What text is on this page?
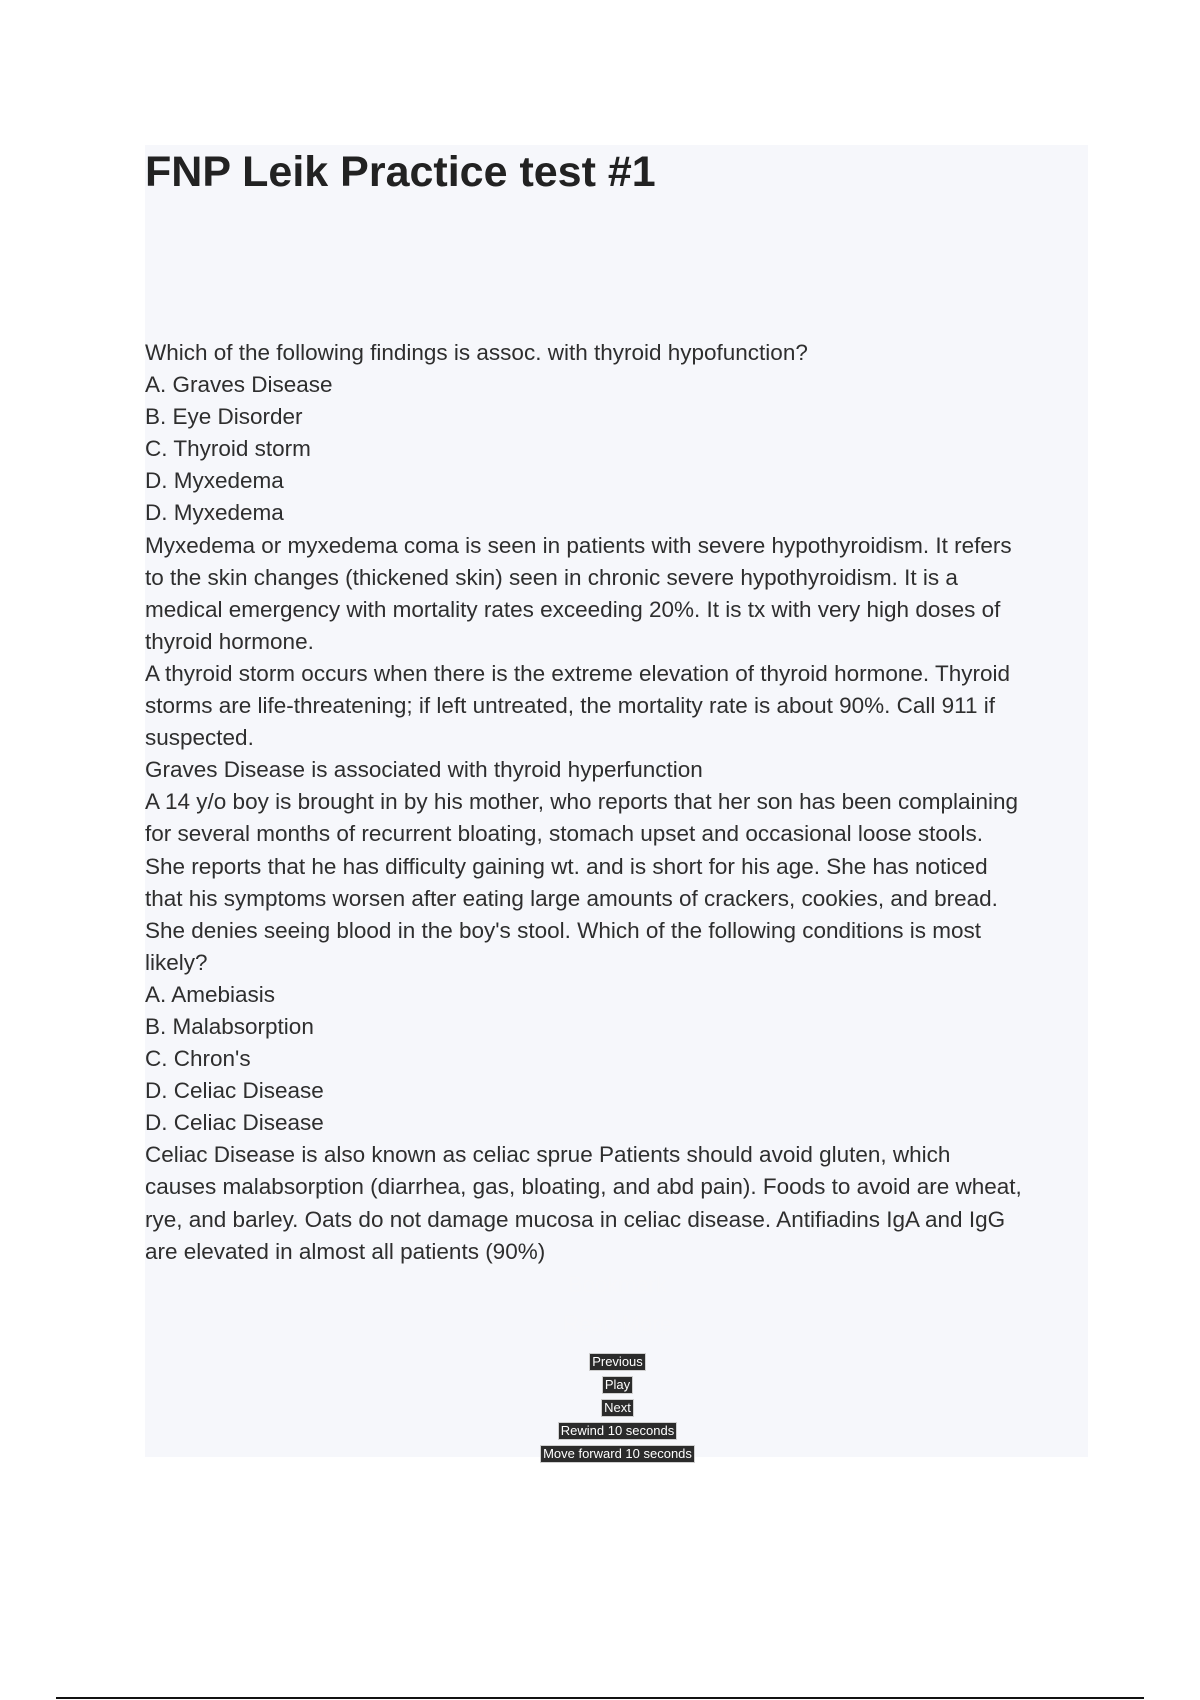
FNP Leik Practice test #1
Which of the following findings is assoc. with thyroid hypofunction?
A. Graves Disease
B. Eye Disorder
C. Thyroid storm
D. Myxedema
D. Myxedema
Myxedema or myxedema coma is seen in patients with severe hypothyroidism. It refers
to the skin changes (thickened skin) seen in chronic severe hypothyroidism. It is a
medical emergency with mortality rates exceeding 20%. It is tx with very high doses of
thyroid hormone.
A thyroid storm occurs when there is the extreme elevation of thyroid hormone. Thyroid
storms are life-threatening; if left untreated, the mortality rate is about 90%. Call 911 if
suspected.
Graves Disease is associated with thyroid hyperfunction
A 14 y/o boy is brought in by his mother, who reports that her son has been complaining
for several months of recurrent bloating, stomach upset and occasional loose stools.
She reports that he has difficulty gaining wt. and is short for his age. She has noticed
that his symptoms worsen after eating large amounts of crackers, cookies, and bread.
She denies seeing blood in the boy's stool. Which of the following conditions is most
likely?
A. Amebiasis
B. Malabsorption
C. Chron's
D. Celiac Disease
D. Celiac Disease
Celiac Disease is also known as celiac sprue Patients should avoid gluten, which
causes malabsorption (diarrhea, gas, bloating, and abd pain). Foods to avoid are wheat,
rye, and barley. Oats do not damage mucosa in celiac disease. Antifiadins IgA and IgG
are elevated in almost all patients (90%)
Bookmark
Read More
Previous
Play
Next
Rewind 10 seconds
Move forward 10 seconds
